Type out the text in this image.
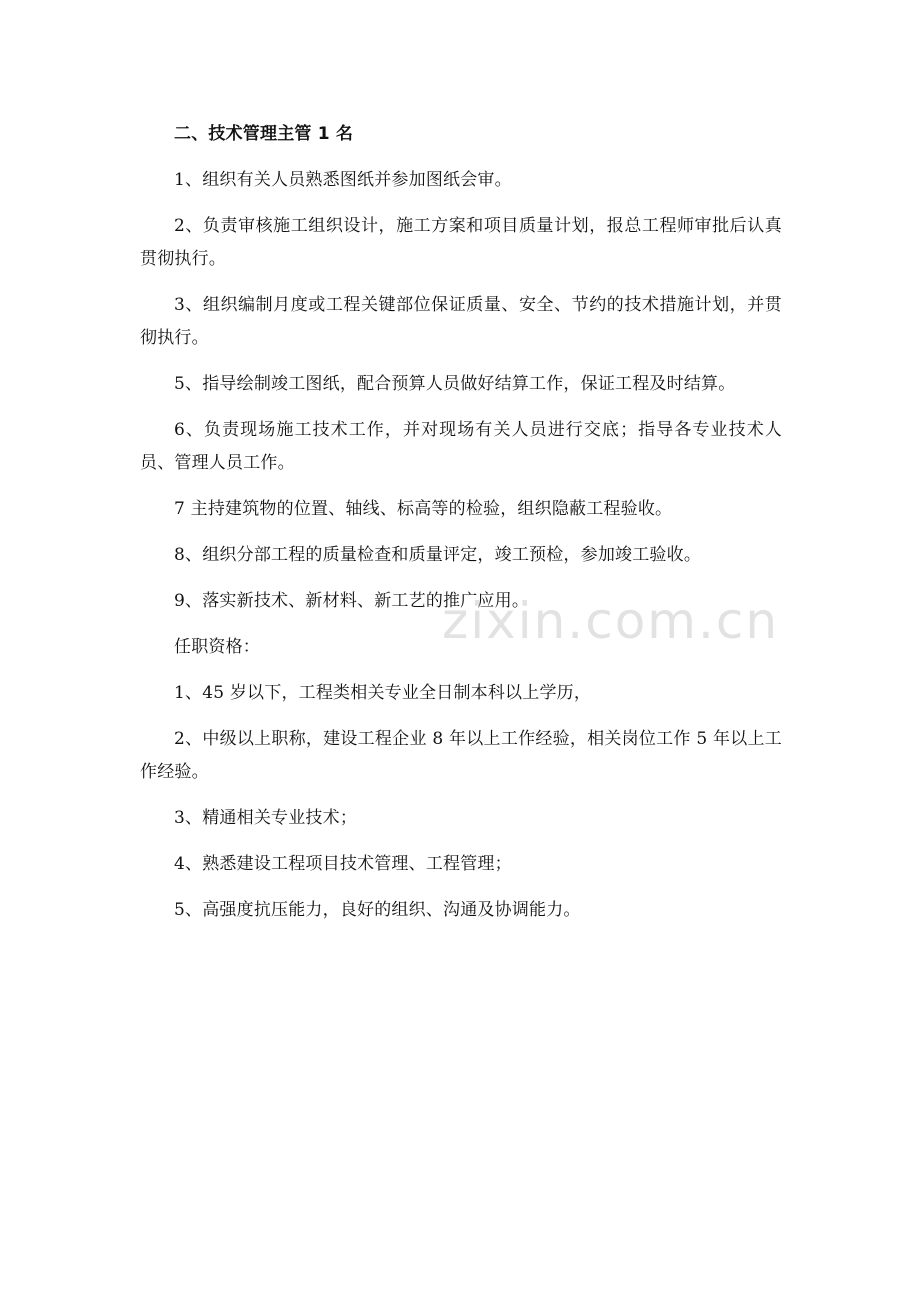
二、技术管理主管 1 名

1、组织有关人员熟悉图纸并参加图纸会审。

2、负责审核施工组织设计，施工方案和项目质量计划，报总工程师审批后认真贯彻执行。

3、组织编制月度或工程关键部位保证质量、安全、节约的技术措施计划，并贯彻执行。

5、指导绘制竣工图纸，配合预算人员做好结算工作，保证工程及时结算。

6、负责现场施工技术工作，并对现场有关人员进行交底；指导各专业技术人员、管理人员工作。

7 主持建筑物的位置、轴线、标高等的检验，组织隐蔽工程验收。

8、组织分部工程的质量检查和质量评定，竣工预检，参加竣工验收。

9、落实新技术、新材料、新工艺的推广应用。

任职资格：

1、45 岁以下，工程类相关专业全日制本科以上学历，

2、中级以上职称，建设工程企业 8 年以上工作经验，相关岗位工作 5 年以上工作经验。

3、精通相关专业技术；

4、熟悉建设工程项目技术管理、工程管理；

5、高强度抗压能力，良好的组织、沟通及协调能力。

zixin.com.cn
